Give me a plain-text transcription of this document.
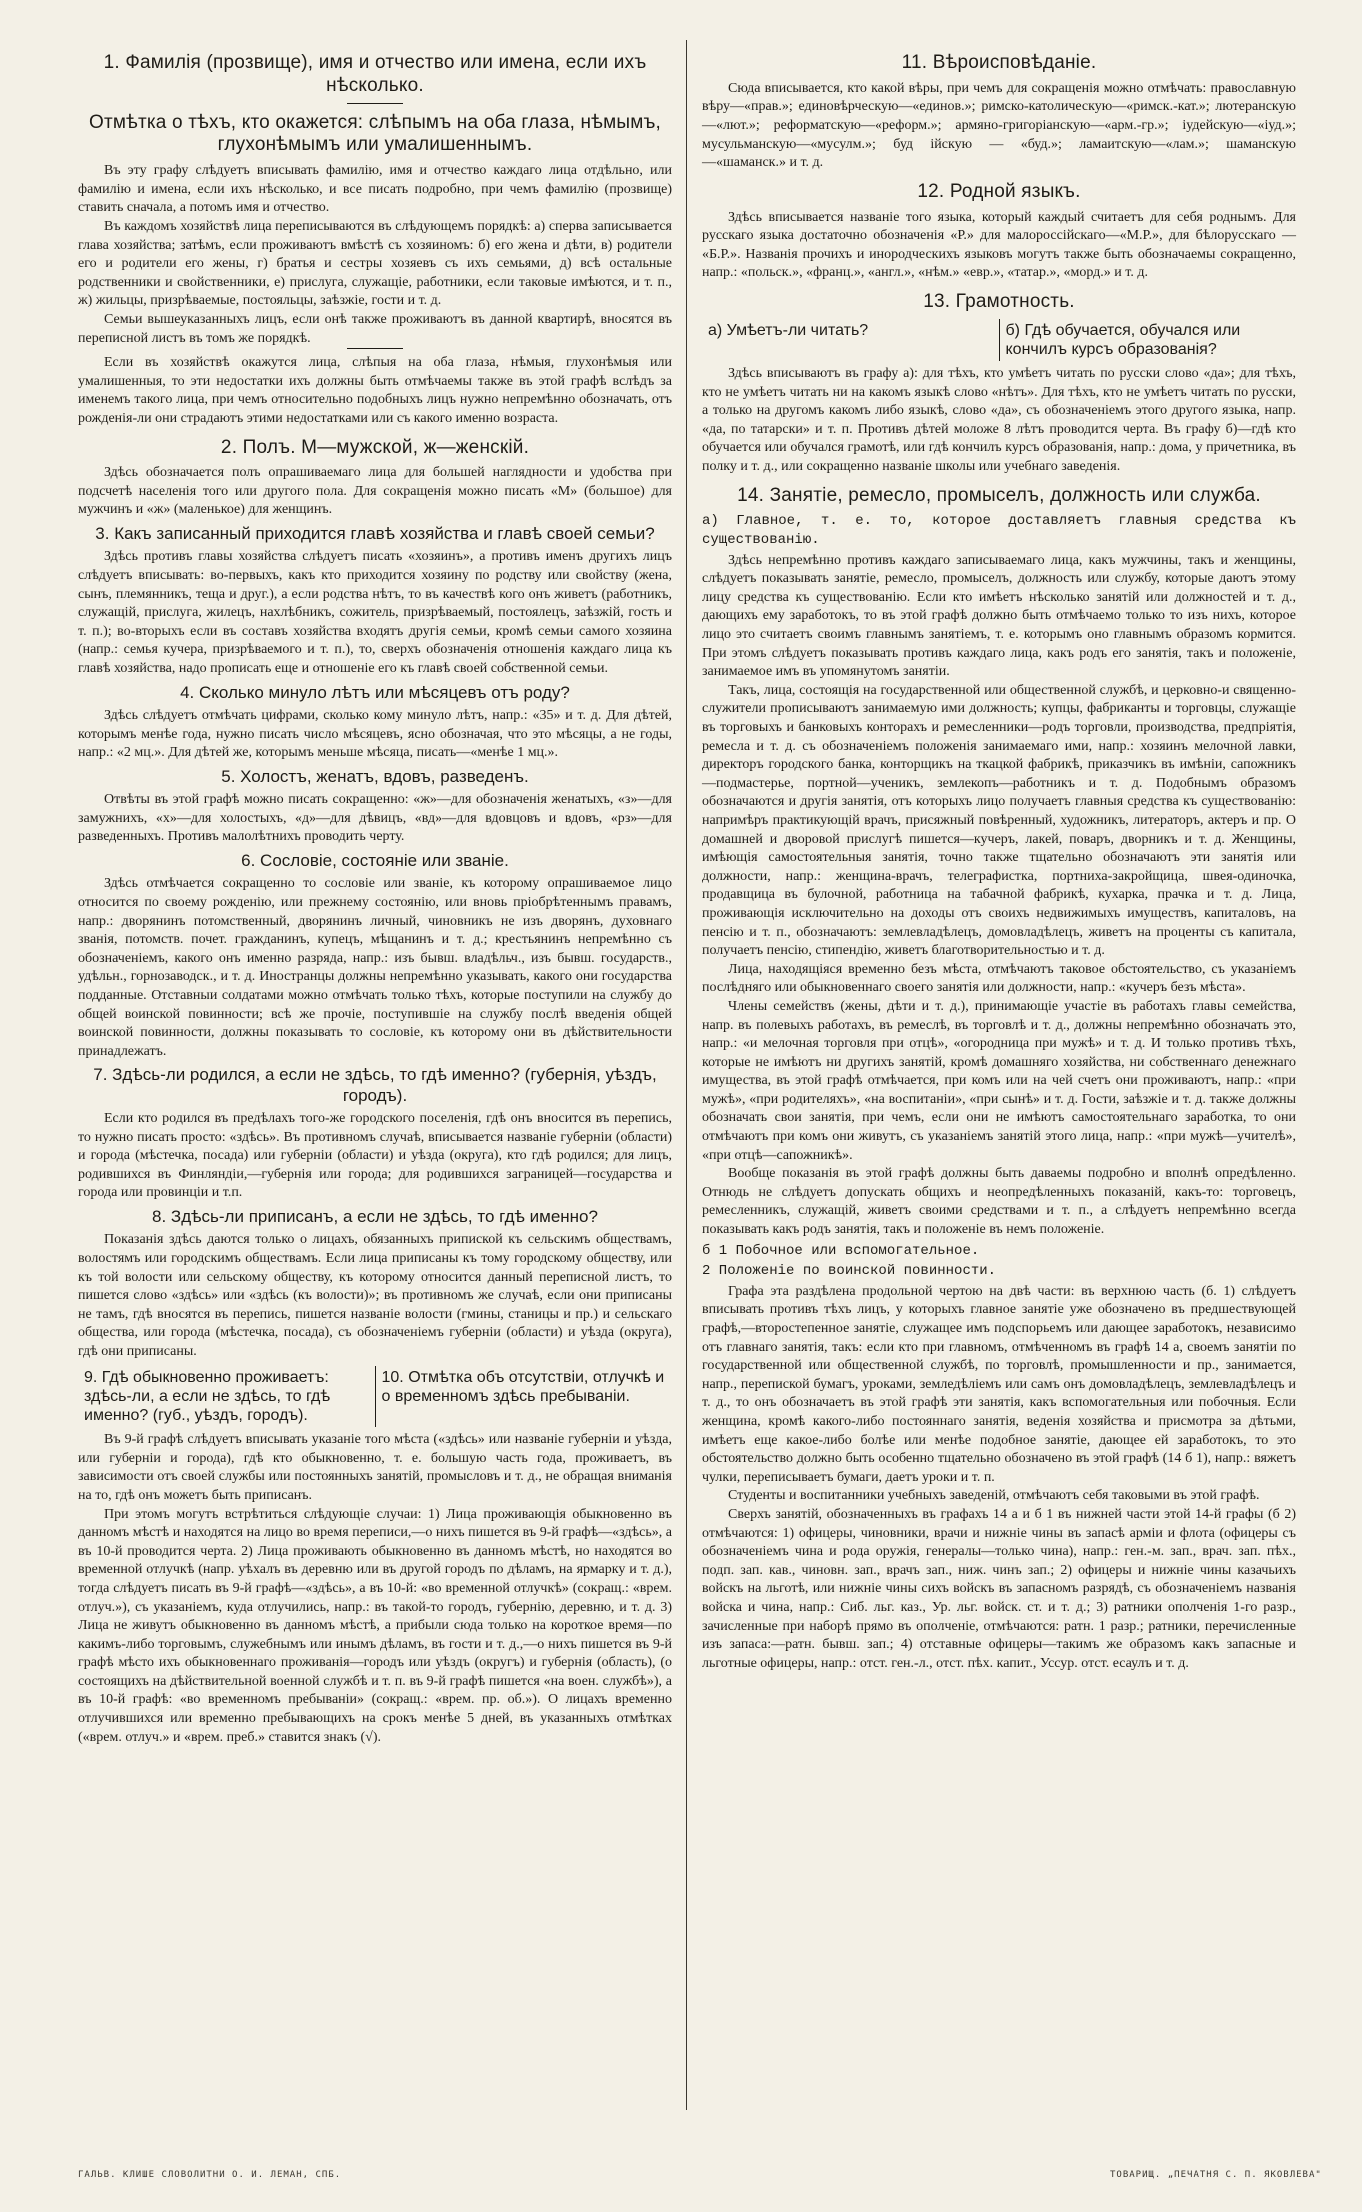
1. Фамилія (прозвище), имя и отчество или имена, если ихъ нѣсколько.
Отмѣтка о тѣхъ, кто окажется: слѣпымъ на оба глаза, нѣмымъ, глухонѣмымъ или умалишеннымъ.

Въ эту графу слѣдуетъ вписывать фамилію, имя и отчество каждаго лица отдѣльно, или фамилію и имена, если ихъ нѣсколько, и все писать подробно, при чемъ фамилію (прозвище) ставить сначала, а потомъ имя и отчество.

Въ каждомъ хозяйствѣ лица переписываются въ слѣдующемъ порядкѣ: а) сперва записывается глава хозяйства; затѣмъ, если проживаютъ вмѣстѣ съ хозяиномъ: б) его жена и дѣти, в) родители его и родители его жены, г) братья и сестры хозяевъ съ ихъ семьями, д) всѣ остальные родственники и свойственники, е) прислуга, служащіе, работники, если таковые имѣются, и т. п., ж) жильцы, призрѣваемые, постояльцы, заѣзжіе, гости и т. д.

Семьи вышеуказанныхъ лицъ, если онѣ также проживаютъ въ данной квартирѣ, вносятся въ переписной листъ въ томъ же порядкѣ.

Если въ хозяйствѣ окажутся лица, слѣпыя на оба глаза, нѣмыя, глухонѣмыя или умалишенныя, то эти недостатки ихъ должны быть отмѣчаемы также въ этой графѣ вслѣдъ за именемъ такого лица, при чемъ относительно подобныхъ лицъ нужно непремѣнно обозначать, отъ рожденія-ли они страдаютъ этими недостатками или съ какого именно возраста.

2. Полъ. М—мужской, ж—женскій.

Здѣсь обозначается полъ опрашиваемаго лица для большей наглядности и удобства при подсчетѣ населенія того или другого пола. Для сокращенія можно писать «М» (большое) для мужчинъ и «ж» (маленькое) для женщинъ.

3. Какъ записанный приходится главѣ хозяйства и главѣ своей семьи?

Здѣсь противъ главы хозяйства слѣдуетъ писать «хозяинъ», а противъ именъ другихъ лицъ слѣдуетъ вписывать: во-первыхъ, какъ кто приходится хозяину по родству или свойству (жена, сынъ, племянникъ, теща и друг.), а если родства нѣтъ, то въ качествѣ кого онъ живетъ (работникъ, служащій, прислуга, жилецъ, нахлѣбникъ, сожитель, призрѣваемый, постоялецъ, заѣзжій, гость и т. п.); во-вторыхъ если въ составъ хозяйства входятъ другія семьи, кромѣ семьи самого хозяина (напр.: семья кучера, призрѣваемого и т. п.), то, сверхъ обозначенія отношенія каждаго лица къ главѣ хозяйства, надо прописать еще и отношеніе его къ главѣ своей собственной семьи.

4. Сколько минуло лѣтъ или мѣсяцевъ отъ роду?

Здѣсь слѣдуетъ отмѣчать цифрами, сколько кому минуло лѣтъ, напр.: «35» и т. д. Для дѣтей, которымъ менѣе года, нужно писать число мѣсяцевъ, ясно обозначая, что это мѣсяцы, а не годы, напр.: «2 мц.». Для дѣтей же, которымъ меньше мѣсяца, писать—«менѣе 1 мц.».

5. Холостъ, женатъ, вдовъ, разведенъ.

Отвѣты въ этой графѣ можно писать сокращенно: «ж»—для обозначенія женатыхъ, «з»—для замужнихъ, «х»—для холостыхъ, «д»—для дѣвицъ, «вд»—для вдовцовъ и вдовъ, «рз»—для разведенныхъ. Противъ малолѣтнихъ проводить черту.

6. Сословіе, состояніе или званіе.

Здѣсь отмѣчается сокращенно то сословіе или званіе, къ которому опрашиваемое лицо относится по своему рожденію, или прежнему состоянію, или вновь пріобрѣтеннымъ правамъ, напр.: дворянинъ потомственный, дворянинъ личный, чиновникъ не изъ дворянъ, духовнаго званія, потомств. почет. гражданинъ, купецъ, мѣщанинъ и т. д.; крестьянинъ непремѣнно съ обозначеніемъ, какого онъ именно разряда, напр.: изъ бывш. владѣльч., изъ бывш. государств., удѣльн., горнозаводск., и т. д. Иностранцы должны непремѣнно указывать, какого они государства подданные. Отставныи солдатами можно отмѣчать только тѣхъ, которые поступили на службу до общей воинской повинности; всѣ же прочіе, поступившіе на службу послѣ введенія общей воинской повинности, должны показывать то сословіе, къ которому они въ дѣйствительности принадлежатъ.

7. Здѣсь-ли родился, а если не здѣсь, то гдѣ именно? (губернія, уѣздъ, городъ).

Если кто родился въ предѣлахъ того-же городского поселенія, гдѣ онъ вносится въ перепись, то нужно писать просто: «здѣсь». Въ противномъ случаѣ, вписывается названіе губерніи (области) и города (мѣстечка, посада) или губерніи (области) и уѣзда (округа), кто гдѣ родился; для лицъ, родившихся въ Финляндіи,—губернія или города; для родившихся заграницей—государства и города или провинціи и т.п.

8. Здѣсь-ли приписанъ, а если не здѣсь, то гдѣ именно?

Показанія здѣсь даются только о лицахъ, обязанныхъ припиской къ сельскимъ обществамъ, волостямъ или городскимъ обществамъ. Если лица приписаны къ тому городскому обществу, или къ той волости или сельскому обществу, къ которому относится данный переписной листъ, то пишется слово «здѣсь» или «здѣсь (къ волости)»; въ противномъ же случаѣ, если они приписаны не тамъ, гдѣ вносятся въ перепись, пишется названіе волости (гмины, станицы и пр.) и сельскаго общества, или города (мѣстечка, посада), съ обозначеніемъ губерніи (области) и уѣзда (округа), гдѣ они приписаны.

9. Гдѣ обыкновенно проживаетъ: здѣсь-ли, а если не здѣсь, то гдѣ именно? (губ., уѣздъ, городъ).
10. Отмѣтка объ отсутствіи, отлучкѣ и о временномъ здѣсь пребываніи.

Въ 9-й графѣ слѣдуетъ вписывать указаніе того мѣста («здѣсь» или названіе губерніи и уѣзда, или губерніи и города), гдѣ кто обыкновенно, т. е. большую часть года, проживаетъ, въ зависимости отъ своей службы или постоянныхъ занятій, промысловъ и т. д., не обращая вниманія на то, гдѣ онъ можетъ быть приписанъ.

При этомъ могутъ встрѣтиться слѣдующіе случаи: 1) Лица проживающія обыкновенно въ данномъ мѣстѣ и находятся на лицо во время переписи,—о нихъ пишется въ 9-й графѣ—«здѣсь», а въ 10-й проводится черта. 2) Лица проживають обыкновенно въ данномъ мѣстѣ, но находятся во временной отлучкѣ (напр. уѣхалъ въ деревню или въ другой городъ по дѣламъ, на ярмарку и т. д.), тогда слѣдуетъ писать въ 9-й графѣ—«здѣсь», а въ 10-й: «во временной отлучкѣ» (сокращ.: «врем. отлуч.»), съ указаніемъ, куда отлучились, напр.: въ такой-то городъ, губернію, деревню, и т. д. 3) Лица не живутъ обыкновенно въ данномъ мѣстѣ, а прибыли сюда только на короткое время—по какимъ-либо торговымъ, служебнымъ или инымъ дѣламъ, въ гости и т. д.,—о нихъ пишется въ 9-й графѣ мѣсто ихъ обыкновеннаго проживанія—городъ или уѣздъ (округъ) и губернія (область), (о состоящихъ на дѣйствительной военной службѣ и т. п. въ 9-й графѣ пишется «на воен. службѣ»), а въ 10-й графѣ: «во временномъ пребываніи» (сокращ.: «врем. пр. об.»). О лицахъ временно отлучившихся или временно пребывающихъ на срокъ менѣе 5 дней, въ указанныхъ отмѣтках («врем. отлуч.» и «врем. преб.» ставится знакъ (√).

11. Вѣроисповѣданіе.

Сюда вписывается, кто какой вѣры, при чемъ для сокращенія можно отмѣчать: православную вѣру—«прав.»; единовѣрческую—«единов.»; римско-католическую—«римск.-кат.»; лютеранскую—«лют.»; реформатскую—«реформ.»; армяно-григоріанскую—«арм.-гр.»; іудейскую—«іуд.»; мусульманскую—«мусулм.»; буд ійскую — «буд.»; ламаитскую—«лам.»; шаманскую—«шаманск.» и т. д.

12. Родной языкъ.

Здѣсь вписывается названіе того языка, который каждый считаетъ для себя роднымъ. Для русскаго языка достаточно обозначенія «Р.» для малороссійскаго—«М.Р.», для бѣлорусскаго — «Б.Р.». Названія прочихъ и инородческихъ языковъ могутъ также быть обозначаемы сокращенно, напр.: «польск.», «франц.», «англ.», «нѣм.» «евр.», «татар.», «морд.» и т. д.

13. Грамотность.
а) Умѣетъ-ли читать?	б) Гдѣ обучается, обучался или кончилъ курсъ образованія?

Здѣсь вписываютъ въ графу а): для тѣхъ, кто умѣетъ читать по русски слово «да»; для тѣхъ, кто не умѣетъ читать ни на какомъ языкѣ слово «нѣтъ». Для тѣхъ, кто не умѣетъ читать по русски, а только на другомъ какомъ либо языкѣ, слово «да», съ обозначеніемъ этого другого языка, напр. «да, по татарски» и т. п. Противъ дѣтей моложе 8 лѣтъ проводится черта. Въ графу б)—гдѣ кто обучается или обучался грамотѣ, или гдѣ кончилъ курсъ образованія, напр.: дома, у причетника, въ полку и т. д., или сокращенно названіе школы или учебнаго заведенія.

14. Занятіе, ремесло, промыселъ, должность или служба.

а) Главное, т. е. то, которое доставляетъ главныя средства къ существованію.

Здѣсь непремѣнно противъ каждаго записываемаго лица, какъ мужчины, такъ и женщины, слѣдуетъ показывать занятіе, ремесло, промыселъ, должность или службу, которые даютъ этому лицу средства къ существованію. Если кто имѣетъ нѣсколько занятій или должностей и т. д., дающихъ ему заработокъ, то въ этой графѣ должно быть отмѣчаемо только то изъ нихъ, которое лицо это считаетъ своимъ главнымъ занятіемъ, т. е. которымъ оно главнымъ образомъ кормится. При этомъ слѣдуетъ показывать противъ каждаго лица, какъ родъ его занятія, такъ и положеніе, занимаемое имъ въ упомянутомъ занятіи.

Такъ, лица, состоящія на государственной или общественной службѣ, и церковно-и священно-служители прописываютъ занимаемую ими должность; купцы, фабриканты и торговцы, служащіе въ торговыхъ и банковыхъ конторахъ и ремесленники—родъ торговли, производства, предпріятія, ремесла и т. д. съ обозначеніемъ положенія занимаемаго ими, напр.: хозяинъ мелочной лавки, директоръ городского банка, конторщикъ на ткацкой фабрикѣ, приказчикъ въ имѣніи, сапожникъ—подмастерье, портной—ученикъ, землекопъ—работникъ и т. д. Подобнымъ образомъ обозначаются и другія занятія, отъ которыхъ лицо получаетъ главныя средства къ существованію: напримѣръ практикующій врачъ, присяжный повѣренный, художникъ, литераторъ, актеръ и пр. О домашней и дворовой прислугѣ пишется—кучеръ, лакей, поваръ, дворникъ и т. д. Женщины, имѣющія самостоятельныя занятія, точно также тщательно обозначаютъ эти занятія или должности, напр.: женщина-врачъ, телеграфистка, портниха-закройщица, швея-одиночка, продавщица въ булочной, работница на табачной фабрикѣ, кухарка, прачка и т. д. Лица, проживающія исключительно на доходы отъ своихъ недвижимыхъ имуществъ, капиталовъ, на пенсію и т. п., обозначаютъ: землевладѣлецъ, домовладѣлецъ, живетъ на проценты съ капитала, получаетъ пенсію, стипендію, живетъ благотворительностью и т. д.

Лица, находящіяся временно безъ мѣста, отмѣчаютъ таковое обстоятельство, съ указаніемъ послѣдняго или обыкновеннаго своего занятія или должности, напр.: «кучеръ безъ мѣста».

Члены семействъ (жены, дѣти и т. д.), принимающіе участіе въ работахъ главы семейства, напр. въ полевыхъ работахъ, въ ремеслѣ, въ торговлѣ и т. д., должны непремѣнно обозначать это, напр.: «и мелочная торговля при отцѣ», «огородница при мужѣ» и т. д. И только противъ тѣхъ, которые не имѣютъ ни другихъ занятій, кромѣ домашняго хозяйства, ни собственнаго денежнаго имущества, въ этой графѣ отмѣчается, при комъ или на чей счетъ они проживаютъ, напр.: «при мужѣ», «при родителяхъ», «на воспитаніи», «при сынѣ» и т. д. Гости, заѣзжіе и т. д. также должны обозначать свои занятія, при чемъ, если они не имѣютъ самостоятельнаго заработка, то они отмѣчаютъ при комъ они живутъ, съ указаніемъ занятій этого лица, напр.: «при мужѣ—учителѣ», «при отцѣ—сапожникѣ».

Вообще показанія въ этой графѣ должны быть даваемы подробно и вполнѣ опредѣленно. Отнюдь не слѣдуетъ допускать общихъ и неопредѣленныхъ показаній, какъ-то: торговецъ, ремесленникъ, служащій, живетъ своими средствами и т. п., а слѣдуетъ непремѣнно всегда показывать какъ родъ занятія, такъ и положеніе въ немъ положеніе.

б 1 Побочное или вспомогательное.

2 Положеніе по воинской повинности.

Графа эта раздѣлена продольной чертою на двѣ части: въ верхнюю часть (б. 1) слѣдуетъ вписывать противъ тѣхъ лицъ, у которыхъ главное занятіе уже обозначено въ предшествующей графѣ,—второстепенное занятіе, служащее имъ подспорьемъ или дающее заработокъ, независимо отъ главнаго занятія, такъ: если кто при главномъ, отмѣченномъ въ графѣ 14 а, своемъ занятіи по государственной или общественной службѣ, по торговлѣ, промышленности и пр., занимается, напр., перепиской бумагъ, уроками, земледѣліемъ или самъ онъ домовладѣлецъ, землевладѣлецъ и т. д., то онъ обозначаетъ въ этой графѣ эти занятія, какъ вспомогательныя или побочныя. Если женщина, кромѣ какого-либо постояннаго занятія, веденія хозяйства и присмотра за дѣтьми, имѣетъ еще какое-либо болѣе или менѣе подобное занятіе, дающее ей заработокъ, то это обстоятельство должно быть особенно тщательно обозначено въ этой графѣ (14 б 1), напр.: вяжетъ чулки, переписываетъ бумаги, даетъ уроки и т. п.

Студенты и воспитанники учебныхъ заведеній, отмѣчаютъ себя таковыми въ этой графѣ.

Сверхъ занятій, обозначенныхъ въ графахъ 14 а и б 1 въ нижней части этой 14-й графы (б 2) отмѣчаются: 1) офицеры, чиновники, врачи и нижніе чины въ запасѣ арміи и флота (офицеры съ обозначеніемъ чина и рода оружія, генералы—только чина), напр.: ген.-м. зап., врач. зап. пѣх., подп. зап. кав., чиновн. зап., врачъ зап., ниж. чинъ зап.; 2) офицеры и нижніе чины казачьихъ войскъ на льготѣ, или нижніе чины сихъ войскъ въ запасномъ разрядѣ, съ обозначеніемъ названія войска и чина, напр.: Сиб. льг. каз., Ур. льг. войск. ст. и т. д.; 3) ратники ополченія 1-го разр., зачисленные при наборѣ прямо въ ополченіе, отмѣчаются: ратн. 1 разр.; ратники, перечисленные изъ запаса:—ратн. бывш. зап.; 4) отставные офицеры—такимъ же образомъ какъ запасные и льготные офицеры, напр.: отст. ген.-л., отст. пѣх. капит., Уссур. отст. есаулъ и т. д.

ГАЛЬВ. КЛИШЕ СЛОВОЛИТНИ О. И. ЛЕМАН, СПБ.	ТОВАРИЩ. „ПЕЧАТНЯ С. П. ЯКОВЛЕВА"
